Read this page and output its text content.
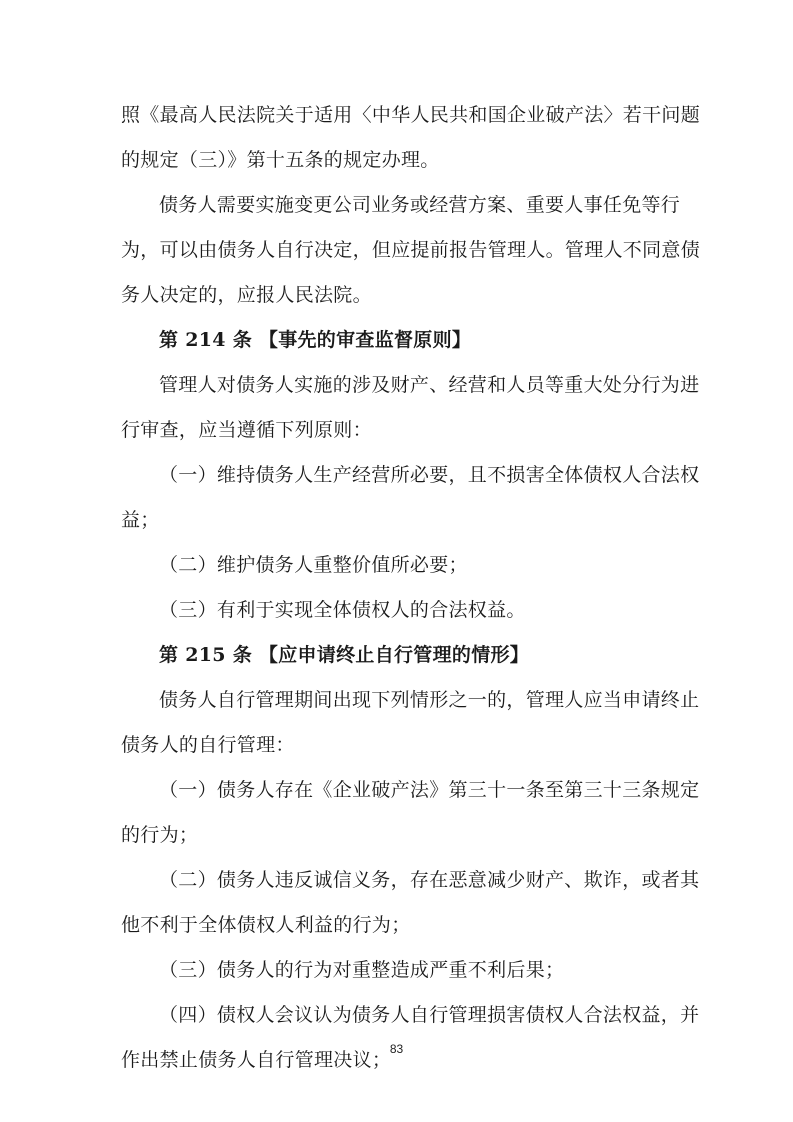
照《最高人民法院关于适用〈中华人民共和国企业破产法〉若干问题
的规定（三）》第十五条的规定办理。
债务人需要实施变更公司业务或经营方案、重要人事任免等行
为，可以由债务人自行决定，但应提前报告管理人。管理人不同意债
务人决定的，应报人民法院。
第 214 条 【事先的审查监督原则】
管理人对债务人实施的涉及财产、经营和人员等重大处分行为进
行审查，应当遵循下列原则：
（一）维持债务人生产经营所必要，且不损害全体债权人合法权
益；
（二）维护债务人重整价值所必要；
（三）有利于实现全体债权人的合法权益。
第 215 条 【应申请终止自行管理的情形】
债务人自行管理期间出现下列情形之一的，管理人应当申请终止
债务人的自行管理：
（一）债务人存在《企业破产法》第三十一条至第三十三条规定
的行为；
（二）债务人违反诚信义务，存在恶意减少财产、欺诈，或者其
他不利于全体债权人利益的行为；
（三）债务人的行为对重整造成严重不利后果；
（四）债权人会议认为债务人自行管理损害债权人合法权益，并
作出禁止债务人自行管理决议；
83
